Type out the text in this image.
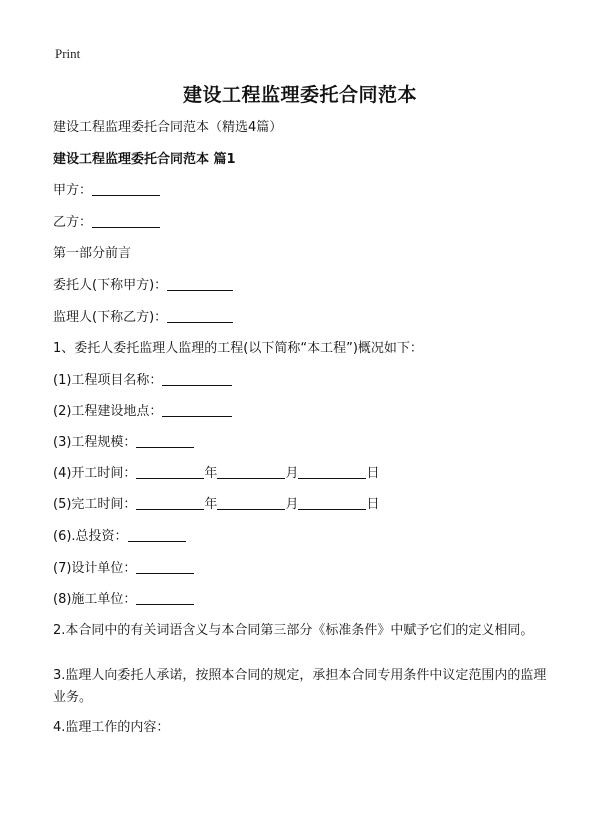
Print
建设工程监理委托合同范本
建设工程监理委托合同范本（精选4篇）
建设工程监理委托合同范本 篇1
甲方：
乙方：
第一部分前言
委托人(下称甲方)：
监理人(下称乙方)：
1、委托人委托监理人监理的工程(以下简称“本工程”)概况如下：
(1)工程项目名称：
(2)工程建设地点：
(3)工程规模：
(4)开工时间：	年	月	日
(5)完工时间：	年	月	日
(6).总投资：
(7)设计单位：
(8)施工单位：
2.本合同中的有关词语含义与本合同第三部分《标准条件》中赋予它们的定义相同。
3.监理人向委托人承诺，按照本合同的规定，承担本合同专用条件中议定范围内的监理业务。
4.监理工作的内容：
